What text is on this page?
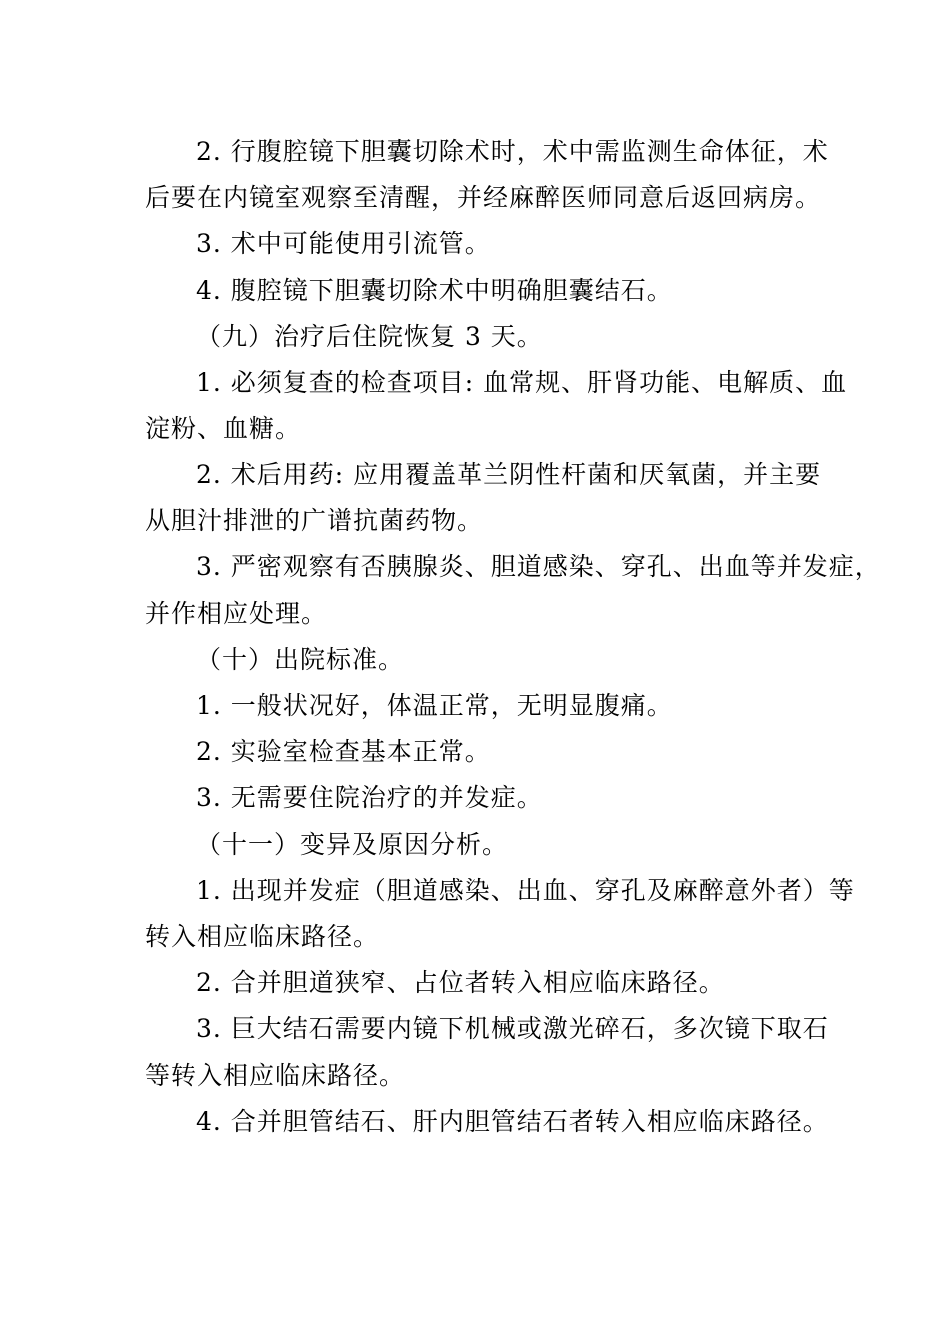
2. 行腹腔镜下胆囊切除术时，术中需监测生命体征，术
后要在内镜室观察至清醒，并经麻醉医师同意后返回病房。
3. 术中可能使用引流管。
4. 腹腔镜下胆囊切除术中明确胆囊结石。
（九）治疗后住院恢复 3 天。
1. 必须复查的检查项目: 血常规、肝肾功能、电解质、血
淀粉、血糖。
2. 术后用药: 应用覆盖革兰阴性杆菌和厌氧菌，并主要
从胆汁排泄的广谱抗菌药物。
3. 严密观察有否胰腺炎、胆道感染、穿孔、出血等并发症，
并作相应处理。
（十）出院标准。
1. 一般状况好，体温正常，无明显腹痛。
2. 实验室检查基本正常。
3. 无需要住院治疗的并发症。
（十一）变异及原因分析。
1. 出现并发症（胆道感染、出血、穿孔及麻醉意外者）等
转入相应临床路径。
2. 合并胆道狭窄、占位者转入相应临床路径。
3. 巨大结石需要内镜下机械或激光碎石，多次镜下取石
等转入相应临床路径。
4. 合并胆管结石、肝内胆管结石者转入相应临床路径。
